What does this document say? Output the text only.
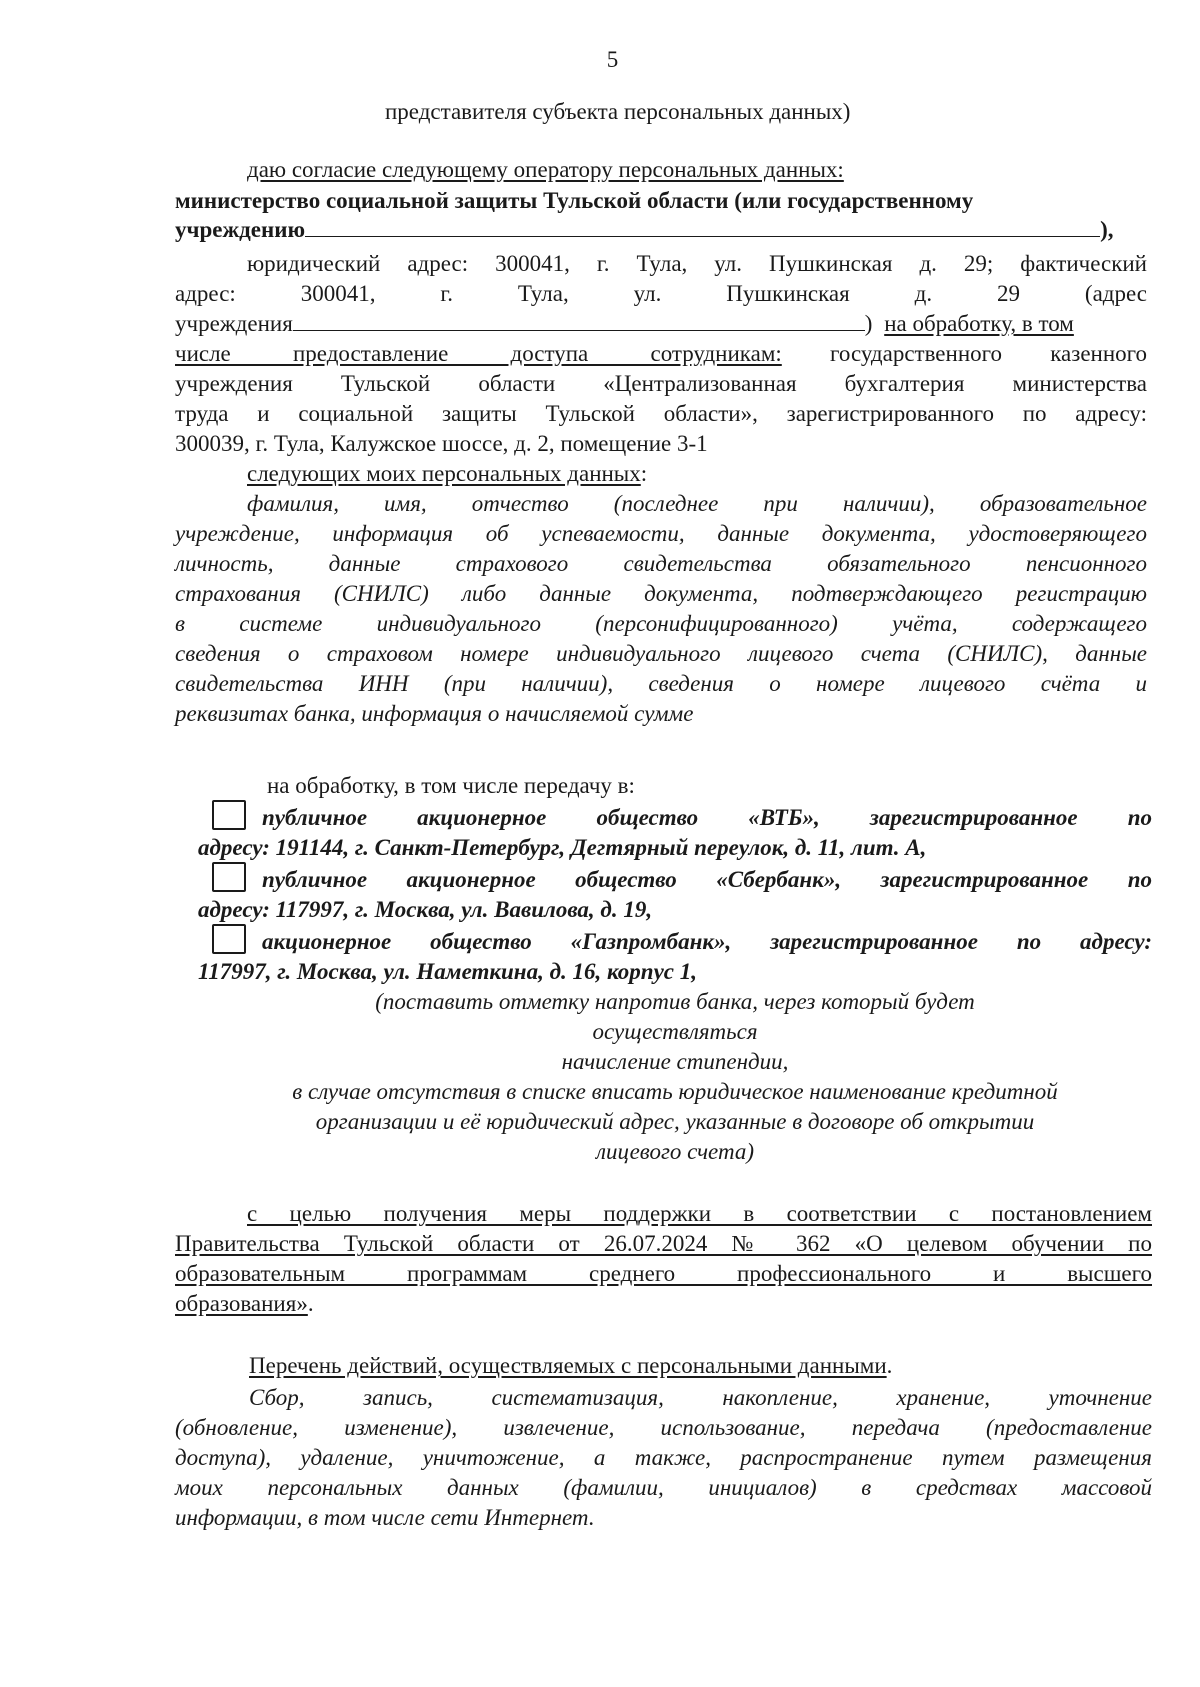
5
представителя субъекта персональных данных)
даю согласие следующему оператору персональных данных:
министерство социальной защиты Тульской области (или государственному
учреждению	),
юридический адрес: 300041, г. Тула, ул. Пушкинская д. 29; фактический
адрес: 300041, г. Тула, ул. Пушкинская д. 29 (адрес
учреждения	) на обработку, в том
числе предоставление доступа сотрудникам: государственного казенного
учреждения Тульской области «Централизованная бухгалтерия министерства
труда и социальной защиты Тульской области», зарегистрированного по адресу:
300039, г. Тула, Калужское шоссе, д. 2, помещение 3-1
следующих моих персональных данных:
фамилия, имя, отчество (последнее при наличии), образовательное
учреждение, информация об успеваемости, данные документа, удостоверяющего
личность, данные страхового свидетельства обязательного пенсионного
страхования (СНИЛС) либо данные документа, подтверждающего регистрацию
в системе индивидуального (персонифицированного) учёта, содержащего
сведения о страховом номере индивидуального лицевого счета (СНИЛС), данные
свидетельства ИНН (при наличии), сведения о номере лицевого счёта и
реквизитах банка, информация о начисляемой сумме
на обработку, в том числе передачу в:
публичное акционерное общество «ВТБ», зарегистрированное по
адресу: 191144, г. Санкт-Петербург, Дегтярный переулок, д. 11, лит. А,
публичное акционерное общество «Сбербанк», зарегистрированное по
адресу: 117997, г. Москва, ул. Вавилова, д. 19,
акционерное общество «Газпромбанк», зарегистрированное по адресу:
117997, г. Москва, ул. Наметкина, д. 16, корпус 1,
(поставить отметку напротив банка, через который будет
осуществляться
начисление стипендии,
в случае отсутствия в списке вписать юридическое наименование кредитной
организации и её юридический адрес, указанные в договоре об открытии
лицевого счета)
с целью получения меры поддержки в соответствии с постановлением
Правительства Тульской области от 26.07.2024 № 362 «О целевом обучении по
образовательным программам среднего профессионального и высшего
образования».
Перечень действий, осуществляемых с персональными данными.
Сбор, запись, систематизация, накопление, хранение, уточнение
(обновление, изменение), извлечение, использование, передача (предоставление
доступа), удаление, уничтожение, а также, распространение путем размещения
моих персональных данных (фамилии, инициалов) в средствах массовой
информации, в том числе сети Интернет.
